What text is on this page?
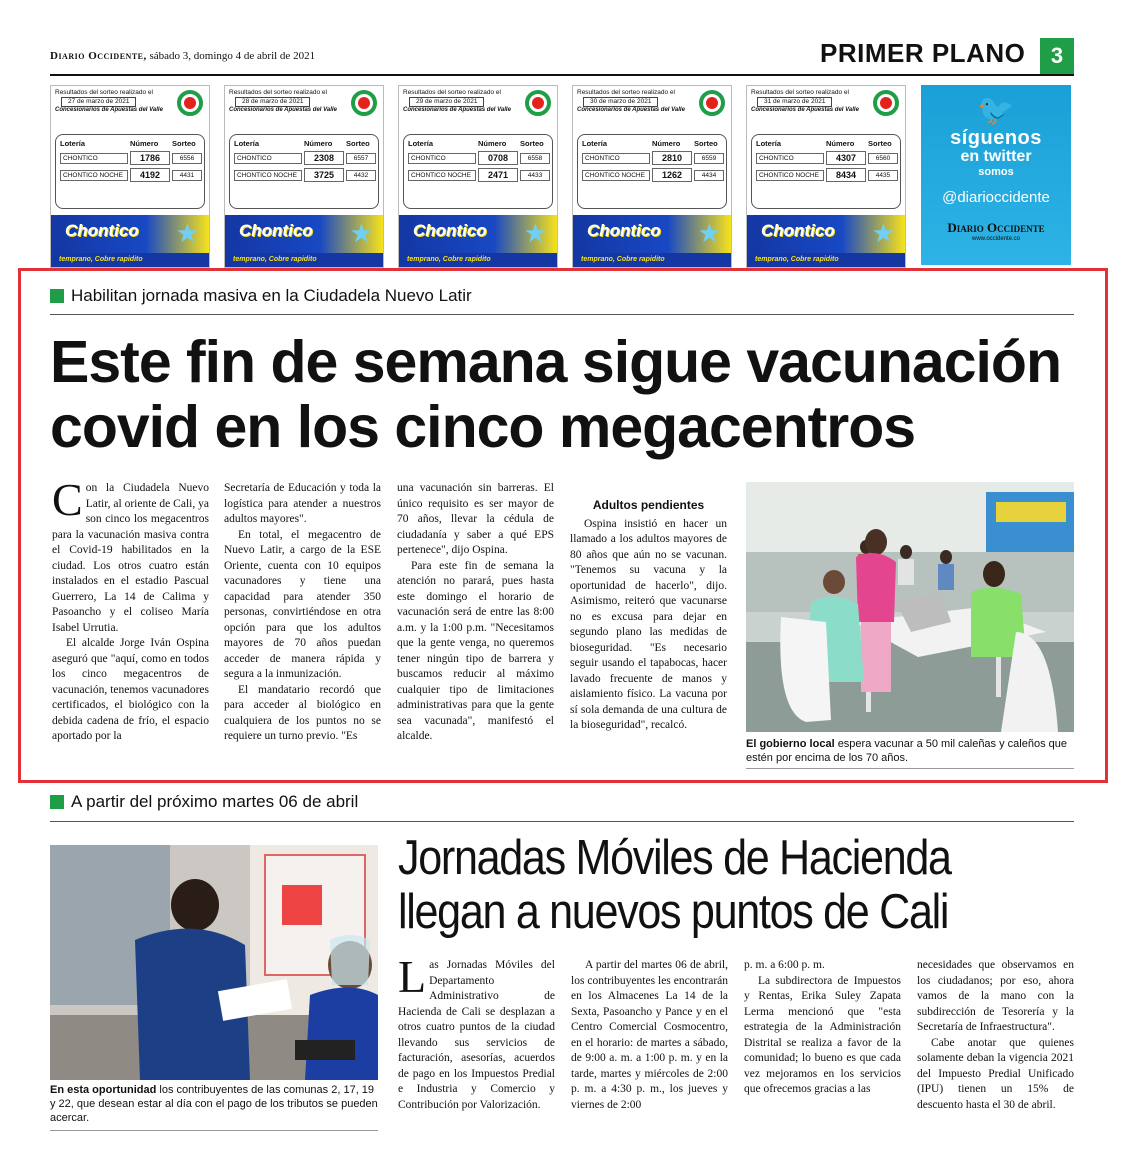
Diario Occidente, sábado 3, domingo 4 de abril de 2021	PRIMER PLANO	3
Resultados del sorteo realizado el
27 de marzo de 2021
Concesionarios de Apuestas del Valle
Lotería	Número	Sorteo
CHONTICO	1786	6556
CHONTICO NOCHE	4192	4431
Chontico ★
temprano, Cobre rapidito
Resultados del sorteo realizado el
28 de marzo de 2021
Concesionarios de Apuestas del Valle
Lotería	Número	Sorteo
CHONTICO	2308	6557
CHONTICO NOCHE	3725	4432
Chontico ★
temprano, Cobre rapidito
Resultados del sorteo realizado el
29 de marzo de 2021
Concesionarios de Apuestas del Valle
Lotería	Número	Sorteo
CHONTICO	0708	6558
CHONTICO NOCHE	2471	4433
Chontico ★
temprano, Cobre rapidito
Resultados del sorteo realizado el
30 de marzo de 2021
Concesionarios de Apuestas del Valle
Lotería	Número	Sorteo
CHONTICO	2810	6559
CHONTICO NOCHE	1262	4434
Chontico ★
temprano, Cobre rapidito
Resultados del sorteo realizado el
31 de marzo de 2021
Concesionarios de Apuestas del Valle
Lotería	Número	Sorteo
CHONTICO	4307	6560
CHONTICO NOCHE	8434	4435
Chontico ★
temprano, Cobre rapidito
🐦
síguenos
en twitter
somos
@diarioccidente
Diario Occidente
www.occidente.co
Habilitan jornada masiva en la Ciudadela Nuevo Latir
Este fin de semana sigue vacunación
covid en los cinco megacentros
C on la Ciudadela Nuevo Latir, al oriente de Cali, ya son cinco los megacentros para la vacunación masiva contra el Covid-19 habilitados en la ciudad. Los otros cuatro están instalados en el estadio Pascual Guerrero, La 14 de Calima y Pasoancho y el coliseo María Isabel Urrutia.

El alcalde Jorge Iván Ospina aseguró que "aquí, como en todos los cinco megacentros de vacunación, tenemos vacunadores certificados, el biológico con la debida cadena de frío, el espacio aportado por la

Secretaría de Educación y toda la logística para atender a nuestros adultos mayores".

En total, el megacentro de Nuevo Latir, a cargo de la ESE Oriente, cuenta con 10 equipos vacunadores y tiene una capacidad para atender 350 personas, convirtiéndose en otra opción para que los adultos mayores de 70 años puedan acceder de manera rápida y segura a la inmunización.

El mandatario recordó que para acceder al biológico en cualquiera de los puntos no se requiere un turno previo. "Es

una vacunación sin barreras. El único requisito es ser mayor de 70 años, llevar la cédula de ciudadanía y saber a qué EPS pertenece", dijo Ospina.

Para este fin de semana la atención no parará, pues hasta este domingo el horario de vacunación será de entre las 8:00 a.m. y la 1:00 p.m. "Necesitamos que la gente venga, no queremos tener ningún tipo de barrera y buscamos reducir al máximo cualquier tipo de limitaciones administrativas para que la gente sea vacunada", manifestó el alcalde.

Adultos pendientes

Ospina insistió en hacer un llamado a los adultos mayores de 80 años que aún no se vacunan. "Tenemos su vacuna y la oportunidad de hacerlo", dijo. Asimismo, reiteró que vacunarse no es excusa para dejar en segundo plano las medidas de bioseguridad. "Es necesario seguir usando el tapabocas, hacer lavado frecuente de manos y aislamiento físico. La vacuna por sí sola demanda de una cultura de la bioseguridad", recalcó.

El gobierno local espera vacunar a 50 mil caleñas y caleños que estén por encima de los 70 años.
A partir del próximo martes 06 de abril
En esta oportunidad los contribuyentes de las comunas 2, 17, 19 y 22, que desean estar al día con el pago de los tributos se pueden acercar.
Jornadas Móviles de Hacienda
llegan a nuevos puntos de Cali
L as Jornadas Móviles del Departamento Administrativo de Hacienda de Cali se desplazan a otros cuatro puntos de la ciudad llevando sus servicios de facturación, asesorías, acuerdos de pago en los Impuestos Predial e Industria y Comercio y Contribución por Valorización.

A partir del martes 06 de abril, los contribuyentes les encontrarán en los Almacenes La 14 de la Sexta, Pasoancho y Pance y en el Centro Comercial Cosmocentro, en el horario: de martes a sábado, de 9:00 a. m. a 1:00 p. m. y en la tarde, martes y miércoles de 2:00 p. m. a 4:30 p. m., los jueves y viernes de 2:00

p. m. a 6:00 p. m.

La subdirectora de Impuestos y Rentas, Erika Suley Zapata Lerma mencionó que "esta estrategia de la Administración Distrital se realiza a favor de la comunidad; lo bueno es que cada vez mejoramos en los servicios que ofrecemos gracias a las

necesidades que observamos en los ciudadanos; por eso, ahora vamos de la mano con la subdirección de Tesorería y la Secretaría de Infraestructura".

Cabe anotar que quienes solamente deban la vigencia 2021 del Impuesto Predial Unificado (IPU) tienen un 15% de descuento hasta el 30 de abril.
